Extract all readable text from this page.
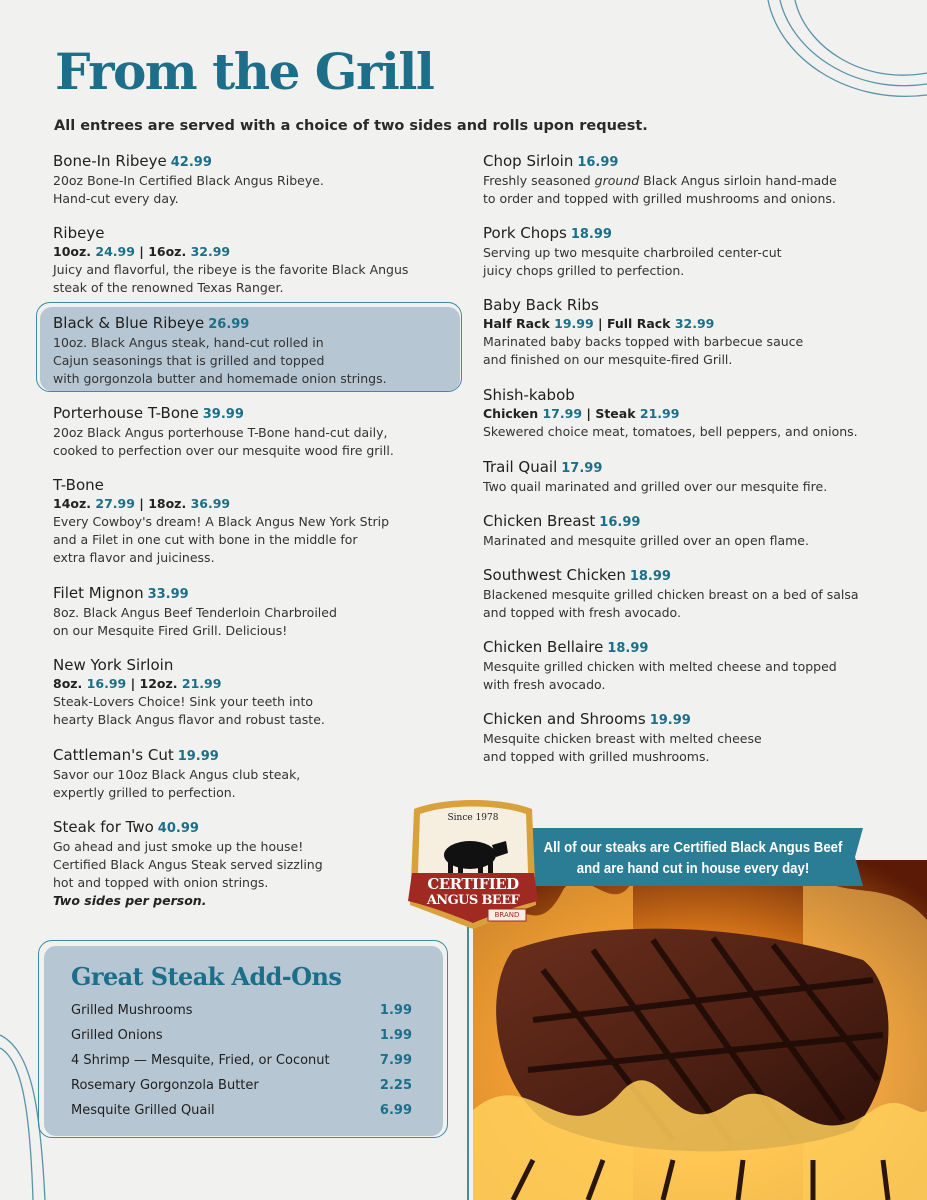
From the Grill
All entrees are served with a choice of two sides and rolls upon request.
Bone-In Ribeye 42.99
20oz Bone-In Certified Black Angus Ribeye.
Hand-cut every day.
Ribeye
10oz. 24.99 | 16oz. 32.99
Juicy and flavorful, the ribeye is the favorite Black Angus
steak of the renowned Texas Ranger.
Black & Blue Ribeye 26.99
10oz. Black Angus steak, hand-cut rolled in
Cajun seasonings that is grilled and topped
with gorgonzola butter and homemade onion strings.
Porterhouse T-Bone 39.99
20oz Black Angus porterhouse T-Bone hand-cut daily,
cooked to perfection over our mesquite wood fire grill.
T-Bone
14oz. 27.99 | 18oz. 36.99
Every Cowboy's dream! A Black Angus New York Strip
and a Filet in one cut with bone in the middle for
extra flavor and juiciness.
Filet Mignon 33.99
8oz. Black Angus Beef Tenderloin Charbroiled
on our Mesquite Fired Grill. Delicious!
New York Sirloin
8oz. 16.99 | 12oz. 21.99
Steak-Lovers Choice! Sink your teeth into
hearty Black Angus flavor and robust taste.
Cattleman's Cut 19.99
Savor our 10oz Black Angus club steak,
expertly grilled to perfection.
Steak for Two 40.99
Go ahead and just smoke up the house!
Certified Black Angus Steak served sizzling
hot and topped with onion strings.
Two sides per person.
Chop Sirloin 16.99
Freshly seasoned ground Black Angus sirloin hand-made
to order and topped with grilled mushrooms and onions.
Pork Chops 18.99
Serving up two mesquite charbroiled center-cut
juicy chops grilled to perfection.
Baby Back Ribs
Half Rack 19.99 | Full Rack 32.99
Marinated baby backs topped with barbecue sauce
and finished on our mesquite-fired Grill.
Shish-kabob
Chicken 17.99 | Steak 21.99
Skewered choice meat, tomatoes, bell peppers, and onions.
Trail Quail 17.99
Two quail marinated and grilled over our mesquite fire.
Chicken Breast 16.99
Marinated and mesquite grilled over an open flame.
Southwest Chicken 18.99
Blackened mesquite grilled chicken breast on a bed of salsa
and topped with fresh avocado.
Chicken Bellaire 18.99
Mesquite grilled chicken with melted cheese and topped
with fresh avocado.
Chicken and Shrooms 19.99
Mesquite chicken breast with melted cheese
and topped with grilled mushrooms.
All of our steaks are Certified Black Angus Beef
and are hand cut in house every day!
Since 1978
CERTIFIED
ANGUS BEEF
BRAND
Great Steak Add-Ons
Grilled Mushrooms	1.99
Grilled Onions	1.99
4 Shrimp — Mesquite, Fried, or Coconut	7.99
Rosemary Gorgonzola Butter	2.25
Mesquite Grilled Quail	6.99
